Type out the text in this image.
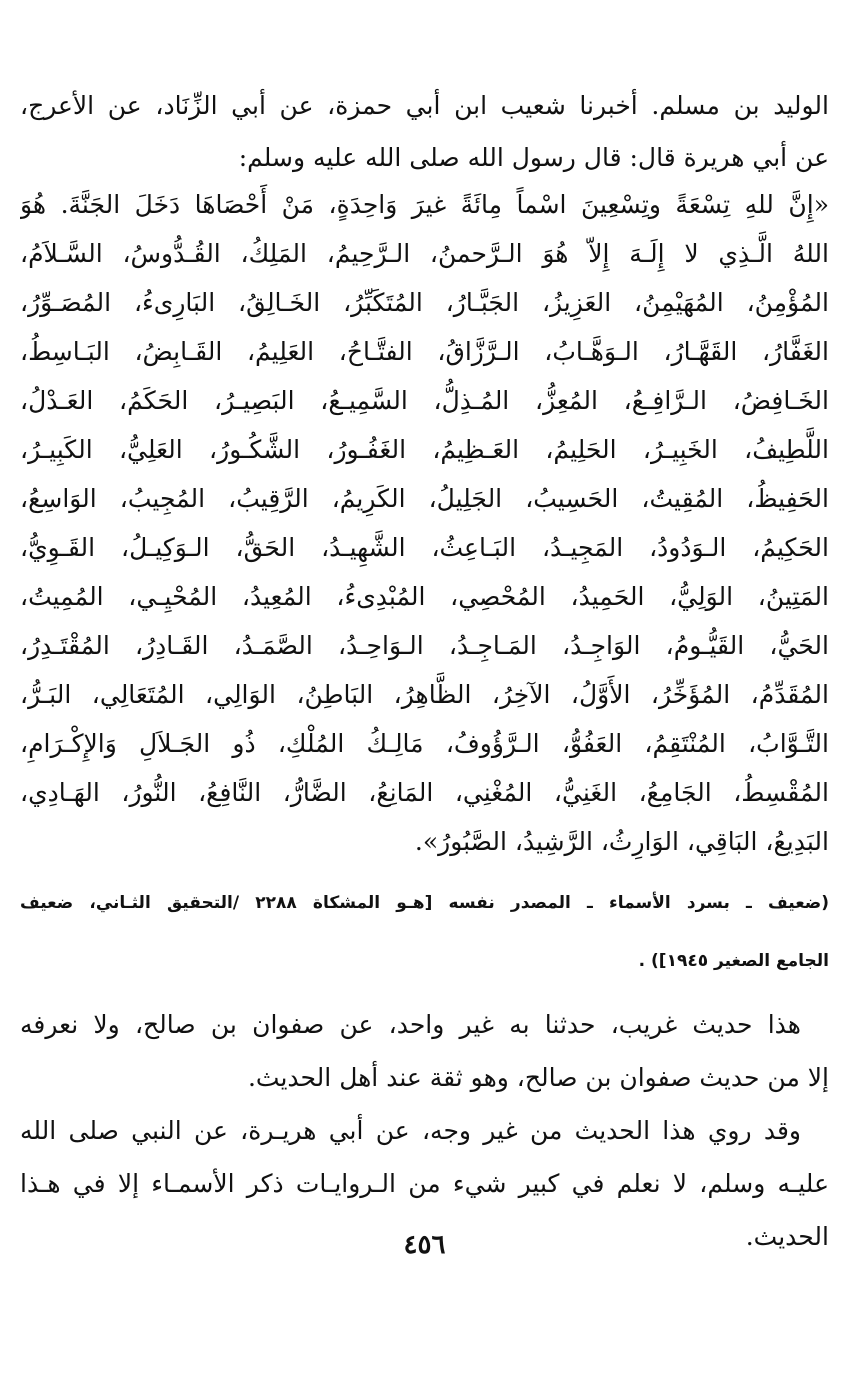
الوليد بن مسلم. أخبرنا شعيب ابن أبي حمزة، عن أبي الزِّنَاد، عن الأعرج،
عن أبي هريرة قال: قال رسول الله صلى الله عليه وسلم:
«إِنَّ للهِ تِسْعَةً وتِسْعِينَ اسْماً مِائَةً غيرَ وَاحِدَةٍ، مَنْ أَحْصَاهَا دَخَلَ الجَنَّةَ. هُوَ
اللهُ الَّـذِي لا إِلَـهَ إِلاّ هُوَ الـرَّحمنُ، الـرَّحِيمُ، المَلِكُ، القُـدُّوسُ، السَّـلاَمُ،
المُؤْمِنُ، المُهَيْمِنُ، العَزِيزُ، الجَبَّـارُ، المُتَكَبِّرُ، الخَـالِقُ، البَارِىءُ، المُصَـوِّرُ،
الغَفَّارُ، القَهَّـارُ، الـوَهَّـابُ، الـرَّزَّاقُ، الفتَّـاحُ، العَلِيمُ، القَـابِضُ، البَـاسِطُ،
الخَـافِضُ، الـرَّافِـعُ، المُعِزُّ، المُـذِلُّ، السَّمِيـعُ، البَصِيـرُ، الحَكَمُ، العَـدْلُ،
اللَّطِيفُ، الخَبِيـرُ، الحَلِيمُ، العَـظِيمُ، الغَفُـورُ، الشَّكُـورُ، العَلِيُّ، الكَبِيـرُ،
الحَفِيظُ، المُقِيتُ، الحَسِيبُ، الجَلِيلُ، الكَرِيمُ، الرَّقِيبُ، المُجِيبُ، الوَاسِعُ،
الحَكِيمُ، الـوَدُودُ، المَجِيـدُ، البَـاعِثُ، الشَّهِيـدُ، الحَقُّ، الـوَكِيـلُ، القَـوِيُّ،
المَتِينُ، الوَلِيُّ، الحَمِيدُ، المُحْصِي، المُبْدِىءُ، المُعِيدُ، المُحْيِـي، المُمِيتُ،
الحَيُّ، القَيُّـومُ، الوَاجِـدُ، المَـاجِـدُ، الـوَاحِـدُ، الصَّمَـدُ، القَـادِرُ، المُقْتَـدِرُ،
المُقَدِّمُ، المُؤَخِّرُ، الأَوَّلُ، الآخِرُ، الظَّاهِرُ، البَاطِنُ، الوَالِي، المُتَعَالِي، البَـرُّ،
التَّـوَّابُ، المُنْتَقِمُ، العَفُوُّ، الـرَّؤُوفُ، مَالِـكُ المُلْكِ، ذُو الجَـلاَلِ وَالإِكْـرَامِ،
المُقْسِطُ، الجَامِعُ، الغَنِيُّ، المُغْنِي، المَانِعُ، الضَّارُّ، النَّافِعُ، النُّورُ، الهَـادِي،
البَدِيعُ، البَاقِي، الوَارِثُ، الرَّشِيدُ، الصَّبُورُ».
(ضعيف ـ بسرد الأسماء ـ المصدر نفسه [هـو المشكاة ٢٢٨٨ /التحقيق الثـاني، ضعيف
الجامع الصغير ١٩٤٥]) .
هذا حديث غريب، حدثنا به غير واحد، عن صفوان بن صالح، ولا نعرفه
إلا من حديث صفوان بن صالح، وهو ثقة عند أهل الحديث.
وقد روي هذا الحديث من غير وجه، عن أبي هريـرة، عن النبي صلى الله
عليـه وسلم، لا نعلم في كبير شيء من الـروايـات ذكر الأسمـاء إلا في هـذا
الحديث.
٤٥٦
